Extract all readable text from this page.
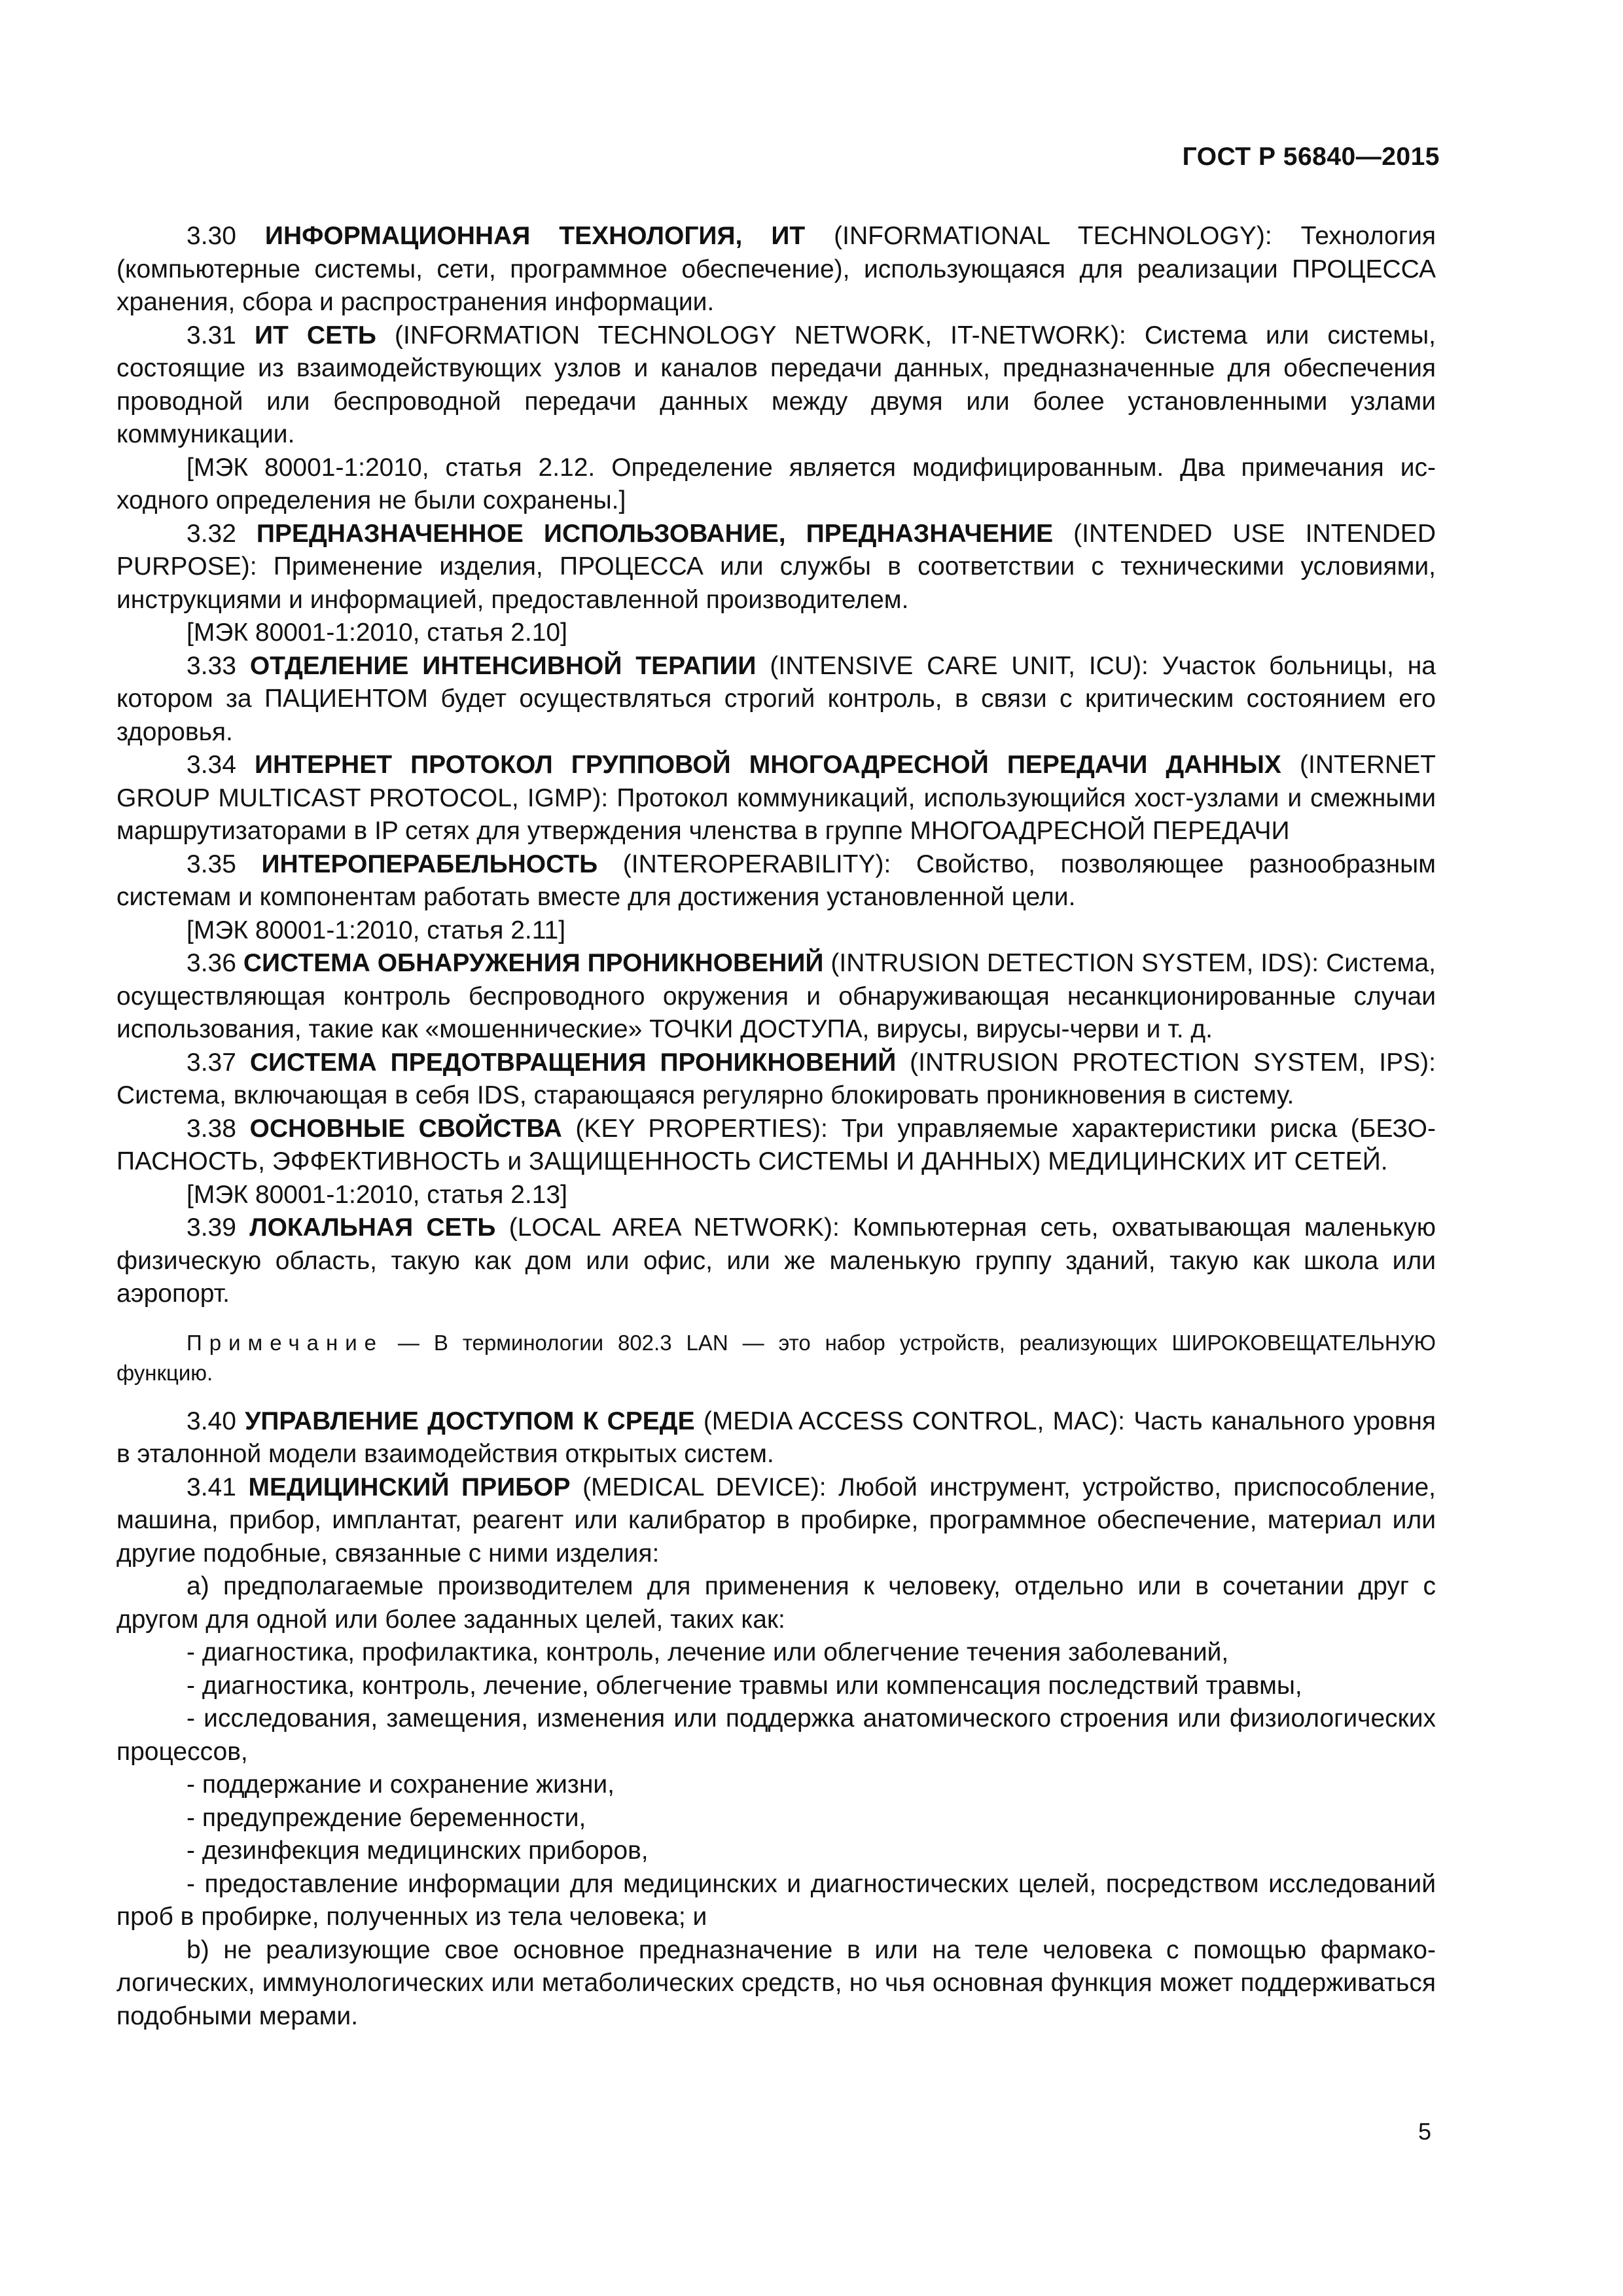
ГОСТ Р 56840—2015

3.30 ИНФОРМАЦИОННАЯ ТЕХНОЛОГИЯ, ИТ (INFORMATIONAL TECHNOLOGY): Технология (компьютерные системы, сети, программное обеспечение), использующаяся для реализации ПРОЦЕССА хранения, сбора и распространения информации.

3.31 ИТ СЕТЬ (INFORMATION TECHNOLOGY NETWORK, IT-NETWORK): Система или системы, состоящие из взаимодействующих узлов и каналов передачи данных, предназначенные для обеспечения проводной или беспроводной передачи данных между двумя или более установленными узлами коммуникации.

[МЭК 80001-1:2010, статья 2.12. Определение является модифицированным. Два примечания исходного определения не были сохранены.]

3.32 ПРЕДНАЗНАЧЕННОЕ ИСПОЛЬЗОВАНИЕ, ПРЕДНАЗНАЧЕНИЕ (INTENDED USE INTENDED PURPOSE): Применение изделия, ПРОЦЕССА или службы в соответствии с техническими условиями, инструкциями и информацией, предоставленной производителем.

[МЭК 80001-1:2010, статья 2.10]

3.33 ОТДЕЛЕНИЕ ИНТЕНСИВНОЙ ТЕРАПИИ (INTENSIVE CARE UNIT, ICU): Участок больницы, на котором за ПАЦИЕНТОМ будет осуществляться строгий контроль, в связи с критическим состоянием его здоровья.

3.34 ИНТЕРНЕТ ПРОТОКОЛ ГРУППОВОЙ МНОГОАДРЕСНОЙ ПЕРЕДАЧИ ДАННЫХ (INTERNET GROUP MULTICAST PROTOCOL, IGMP): Протокол коммуникаций, использующийся хост-узлами и смежными маршрутизаторами в IP сетях для утверждения членства в группе МНОГОАДРЕСНОЙ ПЕРЕДАЧИ

3.35 ИНТЕРОПЕРАБЕЛЬНОСТЬ (INTEROPERABILITY): Свойство, позволяющее разнообразным системам и компонентам работать вместе для достижения установленной цели.

[МЭК 80001-1:2010, статья 2.11]

3.36 СИСТЕМА ОБНАРУЖЕНИЯ ПРОНИКНОВЕНИЙ (INTRUSION DETECTION SYSTEM, IDS): Система, осуществляющая контроль беспроводного окружения и обнаруживающая несанкционированные случаи использования, такие как «мошеннические» ТОЧКИ ДОСТУПА, вирусы, вирусы-черви и т. д.

3.37 СИСТЕМА ПРЕДОТВРАЩЕНИЯ ПРОНИКНОВЕНИЙ (INTRUSION PROTECTION SYSTEM, IPS): Система, включающая в себя IDS, старающаяся регулярно блокировать проникновения в систему.

3.38 ОСНОВНЫЕ СВОЙСТВА (KEY PROPERTIES): Три управляемые характеристики риска (БЕЗОПАСНОСТЬ, ЭФФЕКТИВНОСТЬ и ЗАЩИЩЕННОСТЬ СИСТЕМЫ И ДАННЫХ) МЕДИЦИНСКИХ ИТ СЕТЕЙ.

[МЭК 80001-1:2010, статья 2.13]

3.39 ЛОКАЛЬНАЯ СЕТЬ (LOCAL AREA NETWORK): Компьютерная сеть, охватывающая маленькую физическую область, такую как дом или офис, или же маленькую группу зданий, такую как школа или аэропорт.

Примечание — В терминологии 802.3 LAN — это набор устройств, реализующих ШИРОКОВЕЩАТЕЛЬНУЮ функцию.

3.40 УПРАВЛЕНИЕ ДОСТУПОМ К СРЕДЕ (MEDIA ACCESS CONTROL, MAC): Часть канального уровня в эталонной модели взаимодействия открытых систем.

3.41 МЕДИЦИНСКИЙ ПРИБОР (MEDICAL DEVICE): Любой инструмент, устройство, приспособление, машина, прибор, имплантат, реагент или калибратор в пробирке, программное обеспечение, материал или другие подобные, связанные с ними изделия:

а) предполагаемые производителем для применения к человеку, отдельно или в сочетании друг с другом для одной или более заданных целей, таких как:

- диагностика, профилактика, контроль, лечение или облегчение течения заболеваний,

- диагностика, контроль, лечение, облегчение травмы или компенсация последствий травмы,

- исследования, замещения, изменения или поддержка анатомического строения или физиологических процессов,

- поддержание и сохранение жизни,

- предупреждение беременности,

- дезинфекция медицинских приборов,

- предоставление информации для медицинских и диагностических целей, посредством исследований проб в пробирке, полученных из тела человека; и

b) не реализующие свое основное предназначение в или на теле человека с помощью фармакологических, иммунологических или метаболических средств, но чья основная функция может поддерживаться подобными мерами.

5
